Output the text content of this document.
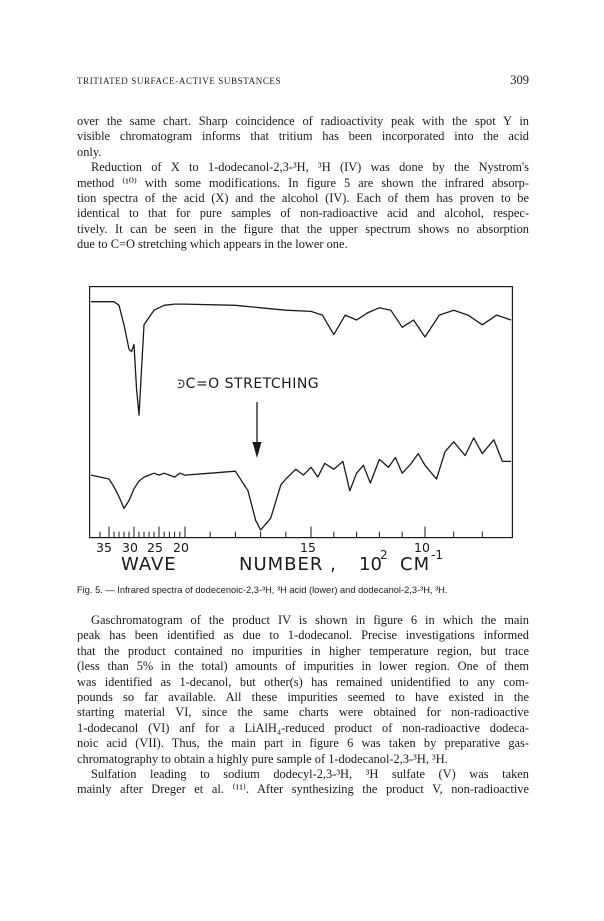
TRITIATED SURFACE-ACTIVE SUBSTANCES	309
over the same chart. Sharp coincidence of radioactivity peak with the spot Y in
visible chromatogram informs that tritium has been incorporated into the acid
only.
Reduction of X to 1-dodecanol-2,3-³H, ³H (IV) was done by the Nystrom's
method ⁽¹⁰⁾ with some modifications. In figure 5 are shown the infrared absorp-
tion spectra of the acid (X) and the alcohol (IV). Each of them has proven to be
identical to that for pure samples of non-radioactive acid and alcohol, respec-
tively. It can be seen in the figure that the upper spectrum shows no absorption
due to C=O stretching which appears in the lower one.
⪾C=O STRETCHING
35 30 25 20	15	10
WAVE	NUMBER , 10
2 CM -1
Fig. 5. — Infrared spectra of dodecenoic-2,3-³H, ³H acid (lower) and dodecanol-2,3-³H, ³H.
Gaschromatogram of the product IV is shown in figure 6 in which the main
peak has been identified as due to 1-dodecanol. Precise investigations informed
that the product contained no impurities in higher temperature region, but trace
(less than 5% in the total) amounts of impurities in lower region. One of them
was identified as 1-decanol, but other(s) has remained unidentified to any com-
pounds so far available. All these impurities seemed to have existed in the
starting material VI, since the same charts were obtained for non-radioactive
1-dodecanol (VI) anf for a LiAlH₄-reduced product of non-radioactive dodeca-
noic acid (VII). Thus, the main part in figure 6 was taken by preparative gas-
chromatography to obtain a highly pure sample of 1-dodecanol-2,3-³H, ³H.
Sulfation leading to sodium dodecyl-2,3-³H, ³H sulfate (V) was taken
mainly after Dreger et al. ⁽¹¹⁾. After synthesizing the product V, non-radioactive
